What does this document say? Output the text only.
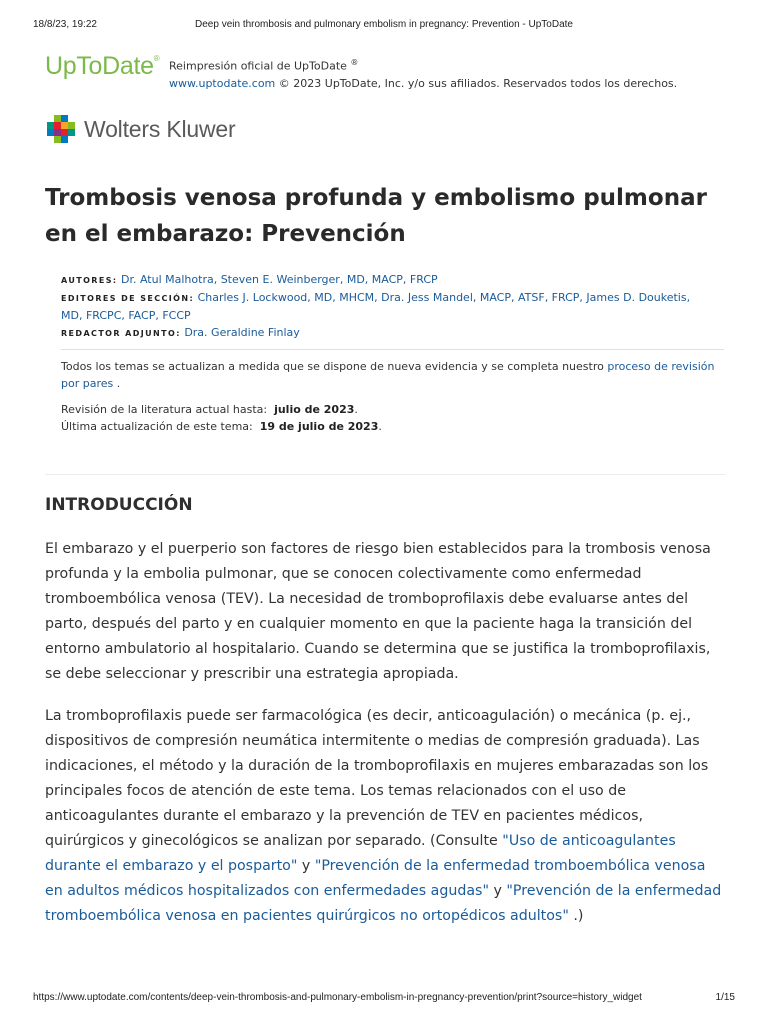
18/8/23, 19:22	Deep vein thrombosis and pulmonary embolism in pregnancy: Prevention - UpToDate
UpToDate®
Reimpresión oficial de UpToDate ®
www.uptodate.com © 2023 UpToDate, Inc. y/o sus afiliados. Reservados todos los derechos.
Wolters Kluwer
Trombosis venosa profunda y embolismo pulmonar en el embarazo: Prevención
AUTORES: Dr. Atul Malhotra, Steven E. Weinberger, MD, MACP, FRCP
EDITORES DE SECCIÓN: Charles J. Lockwood, MD, MHCM, Dra. Jess Mandel, MACP, ATSF, FRCP, James D. Douketis, MD, FRCPC, FACP, FCCP
REDACTOR ADJUNTO: Dra. Geraldine Finlay
Todos los temas se actualizan a medida que se dispone de nueva evidencia y se completa nuestro proceso de revisión por pares .
Revisión de la literatura actual hasta: julio de 2023.
Última actualización de este tema: 19 de julio de 2023.
INTRODUCCIÓN

El embarazo y el puerperio son factores de riesgo bien establecidos para la trombosis venosa profunda y la embolia pulmonar, que se conocen colectivamente como enfermedad tromboembólica venosa (TEV). La necesidad de tromboprofilaxis debe evaluarse antes del parto, después del parto y en cualquier momento en que la paciente haga la transición del entorno ambulatorio al hospitalario. Cuando se determina que se justifica la tromboprofilaxis, se debe seleccionar y prescribir una estrategia apropiada.

La tromboprofilaxis puede ser farmacológica (es decir, anticoagulación) o mecánica (p. ej., dispositivos de compresión neumática intermitente o medias de compresión graduada). Las indicaciones, el método y la duración de la tromboprofilaxis en mujeres embarazadas son los principales focos de atención de este tema. Los temas relacionados con el uso de anticoagulantes durante el embarazo y la prevención de TEV en pacientes médicos, quirúrgicos y ginecológicos se analizan por separado. (Consulte "Uso de anticoagulantes durante el embarazo y el posparto" y "Prevención de la enfermedad tromboembólica venosa en adultos médicos hospitalizados con enfermedades agudas" y "Prevención de la enfermedad tromboembólica venosa en pacientes quirúrgicos no ortopédicos adultos" .)

https://www.uptodate.com/contents/deep-vein-thrombosis-and-pulmonary-embolism-in-pregnancy-prevention/print?source=history_widget	1/15
